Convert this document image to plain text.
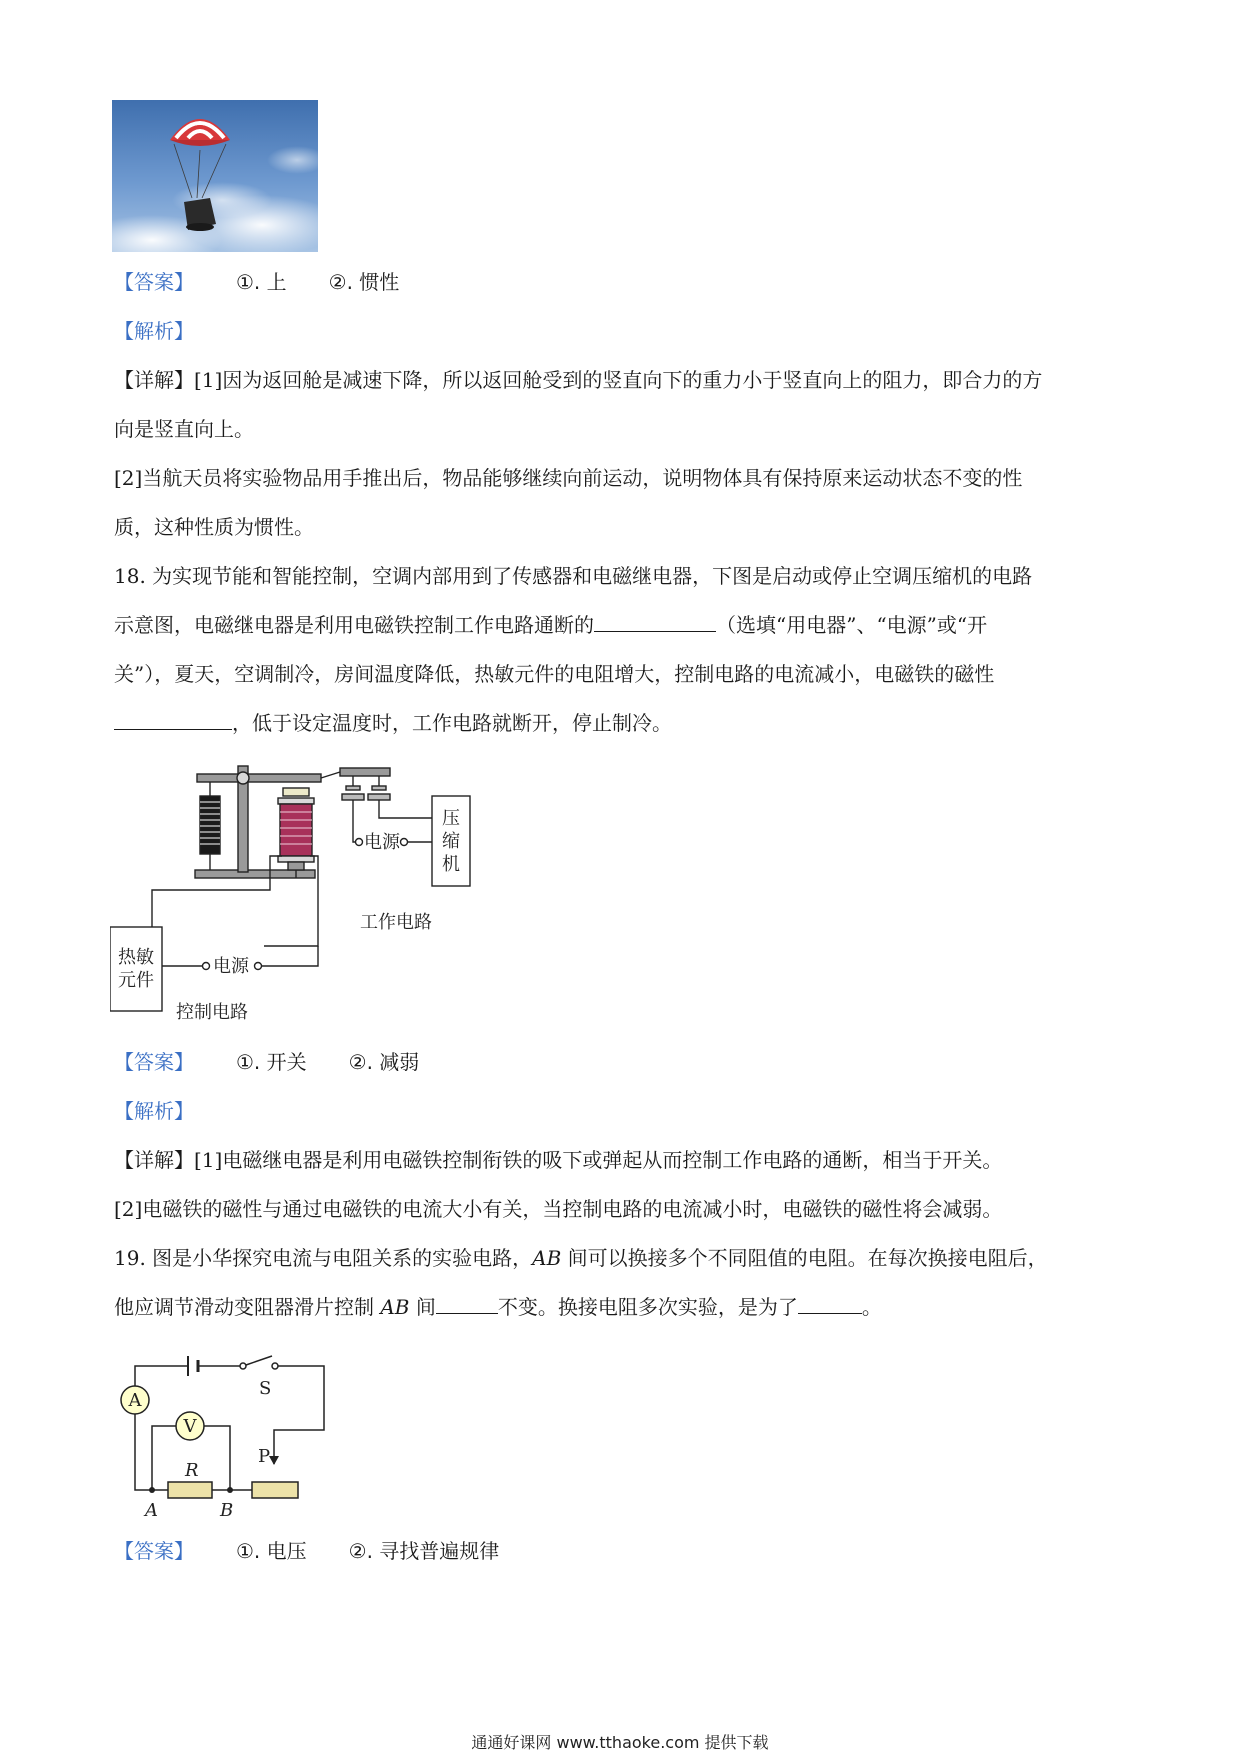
【答案】 ①. 上 ②. 惯性
【解析】
【详解】[1]因为返回舱是减速下降，所以返回舱受到的竖直向下的重力小于竖直向上的阻力，即合力的方
向是竖直向上。
[2]当航天员将实验物品用手推出后，物品能够继续向前运动，说明物体具有保持原来运动状态不变的性
质，这种性质为惯性。
18. 为实现节能和智能控制，空调内部用到了传感器和电磁继电器，下图是启动或停止空调压缩机的电路
示意图，电磁继电器是利用电磁铁控制工作电路通断的	（选填“用电器”、“电源”或“开
关”），夏天，空调制冷，房间温度降低，热敏元件的电阻增大，控制电路的电流减小，电磁铁的磁性
，低于设定温度时，工作电路就断开，停止制冷。
压
缩
机
电源
工作电路
热敏
元件
电源
控制电路
【答案】 ①. 开关 ②. 减弱
【解析】
【详解】[1]电磁继电器是利用电磁铁控制衔铁的吸下或弹起从而控制工作电路的通断，相当于开关。
[2]电磁铁的磁性与通过电磁铁的电流大小有关，当控制电路的电流减小时，电磁铁的磁性将会减弱。
19. 图是小华探究电流与电阻关系的实验电路，AB 间可以换接多个不同阻值的电阻。在每次换接电阻后，
他应调节滑动变阻器滑片控制 AB 间	不变。换接电阻多次实验，是为了	。
A
V
S
R
P
A	B
【答案】 ①. 电压 ②. 寻找普遍规律
通通好课网 www.tthaoke.com 提供下载
